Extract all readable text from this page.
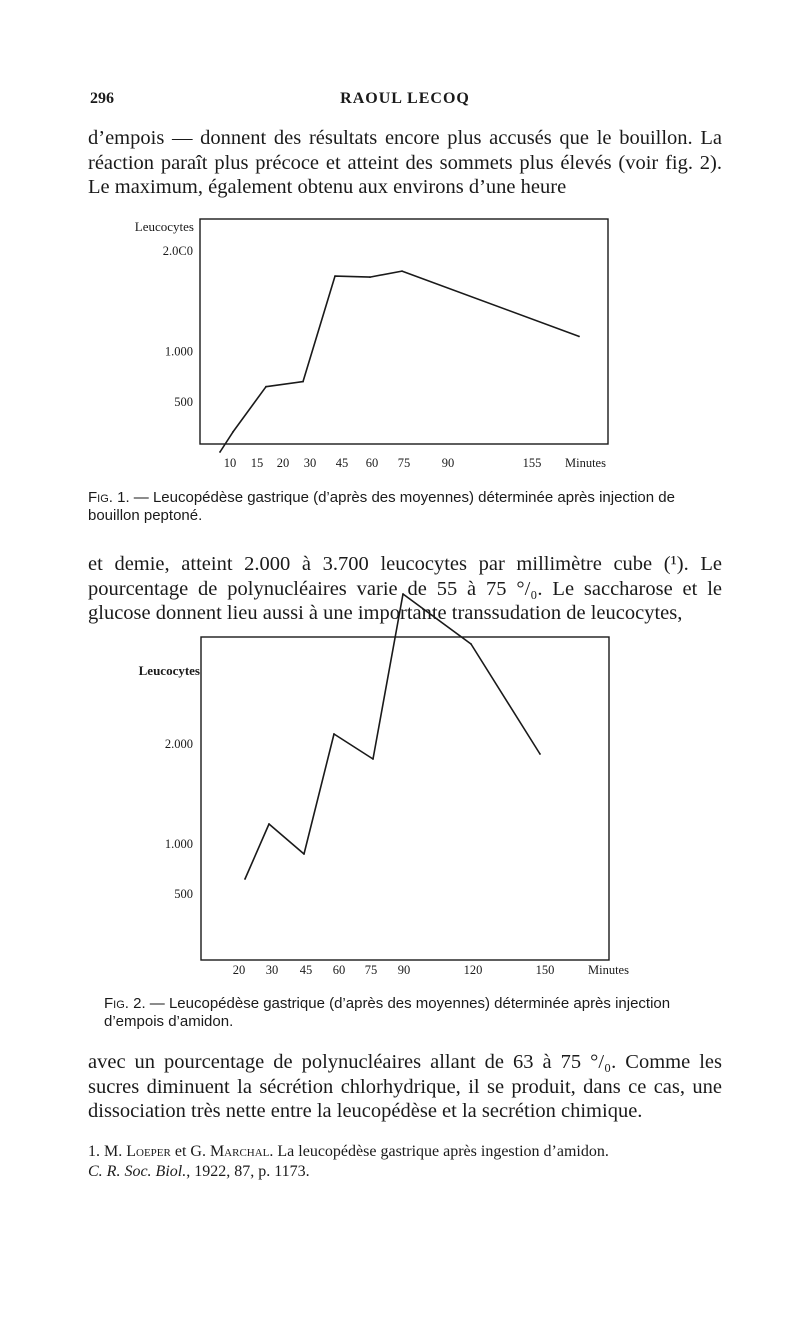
296	RAOUL LECOQ

d’empois — donnent des résultats encore plus accusés que le bouillon. La réaction paraît plus précoce et atteint des sommets plus élevés (voir fig. 2). Le maximum, également obtenu aux environs d’une heure

Leucocytes
500
1.000
2.0C0
10 15 20 30 45 60 75	90	155 Minutes
Leucocytes
500
1.000
2.000
20 30 45 60 75 90	120	150	Minutes

Fig. 1. — Leucopédèse gastrique (d’après des moyennes) déterminée après injection de bouillon peptoné.

et demie, atteint 2.000 à 3.700 leucocytes par millimètre cube (¹). Le pourcentage de polynucléaires varie de 55 à 75 °/₀. Le saccharose et le glucose donnent lieu aussi à une importante transsudation de leucocytes,

Fig. 2. — Leucopédèse gastrique (d’après des moyennes) déterminée après injection d’empois d’amidon.

avec un pourcentage de polynucléaires allant de 63 à 75 °/₀. Comme les sucres diminuent la sécrétion chlorhydrique, il se produit, dans ce cas, une dissociation très nette entre la leucopédèse et la secrétion chimique.

1. M. Loeper et G. Marchal. La leucopédèse gastrique après ingestion d’amidon.

C. R. Soc. Biol., 1922, 87, p. 1173.
